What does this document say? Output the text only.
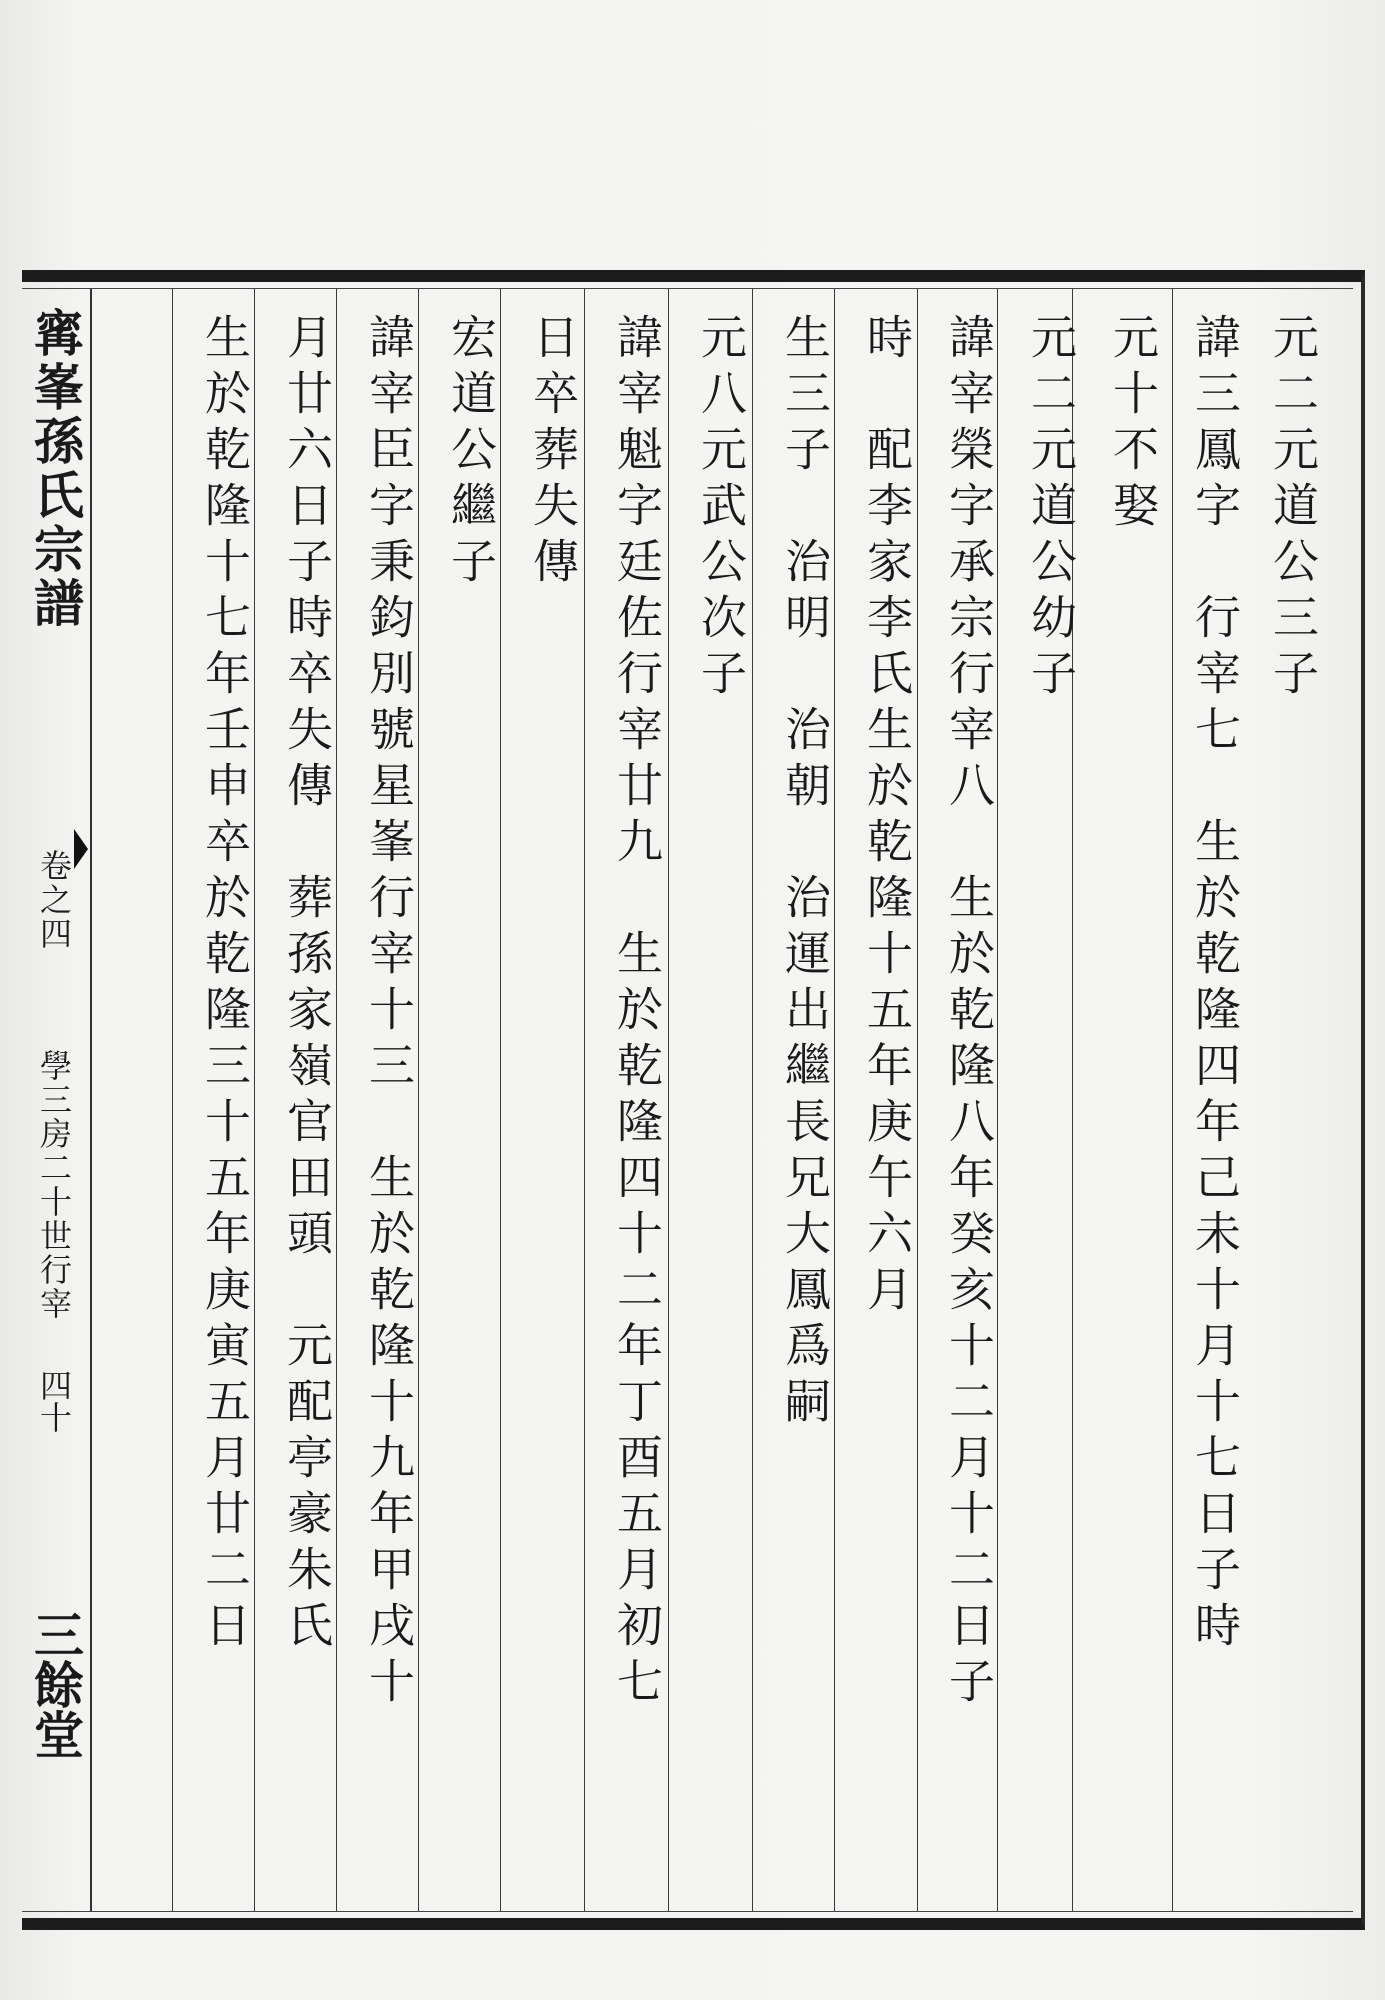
元二元道公三子
諱三鳳字　行宰七　生於乾隆四年己未十月十七日子時
元十不娶
元二元道公幼子
諱宰榮字承宗行宰八　生於乾隆八年癸亥十二月十二日子
時　配李家李氏生於乾隆十五年庚午六月
生三子　治明　治朝　治運出繼長兄大鳳爲嗣
元八元武公次子
諱宰魁字廷佐行宰廿九　生於乾隆四十二年丁酉五月初七
日卒葬失傳
宏道公繼子
諱宰臣字秉鈞別號星峯行宰十三　生於乾隆十九年甲戌十
月廿六日子時卒失傳　葬孫家嶺官田頭　元配亭豪朱氏
生於乾隆十七年壬申卒於乾隆三十五年庚寅五月廿二日
寗峯孫氏宗譜
卷之四
學三房二十世行宰
四十
三餘堂
